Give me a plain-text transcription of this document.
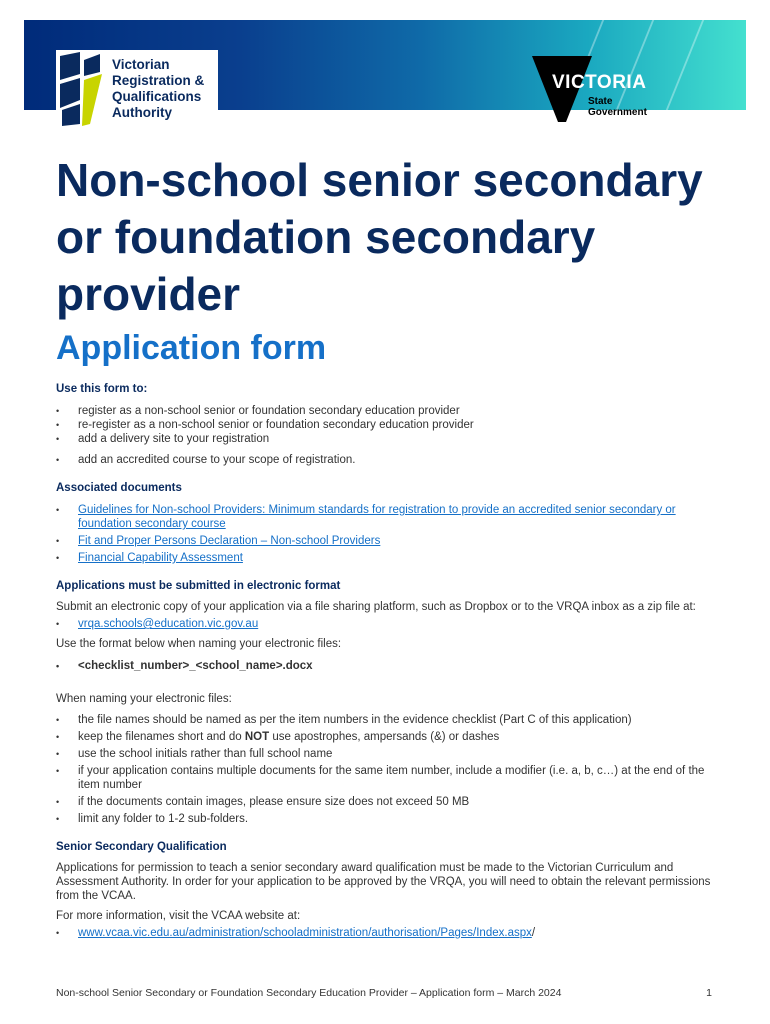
Victorian
Registration &
Qualifications
Authority
VICTORIA
State
Government
Non-school senior secondary or foundation secondary provider
Application form

Use this form to:

• register as a non-school senior or foundation secondary education provider
• re-register as a non-school senior or foundation secondary education provider
• add a delivery site to your registration
• add an accredited course to your scope of registration.

Associated documents

• Guidelines for Non-school Providers: Minimum standards for registration to provide an accredited senior secondary or foundation secondary course
• Fit and Proper Persons Declaration – Non-school Providers
• Financial Capability Assessment

Applications must be submitted in electronic format

Submit an electronic copy of your application via a file sharing platform, such as Dropbox or to the VRQA inbox as a zip file at:

• vrqa.schools@education.vic.gov.au

Use the format below when naming your electronic files:

• <checklist_number>_<school_name>.docx

When naming your electronic files:

• the file names should be named as per the item numbers in the evidence checklist (Part C of this application)
• keep the filenames short and do NOT use apostrophes, ampersands (&) or dashes
• use the school initials rather than full school name
• if your application contains multiple documents for the same item number, include a modifier (i.e. a, b, c…) at the end of the item number
• if the documents contain images, please ensure size does not exceed 50 MB
• limit any folder to 1-2 sub-folders.

Senior Secondary Qualification

Applications for permission to teach a senior secondary award qualification must be made to the Victorian Curriculum and Assessment Authority. In order for your application to be approved by the VRQA, you will need to obtain the relevant permissions from the VCAA.

For more information, visit the VCAA website at:

• www.vcaa.vic.edu.au/administration/schooladministration/authorisation/Pages/Index.aspx/
Non-school Senior Secondary or Foundation Secondary Education Provider – Application form – March 2024	1
